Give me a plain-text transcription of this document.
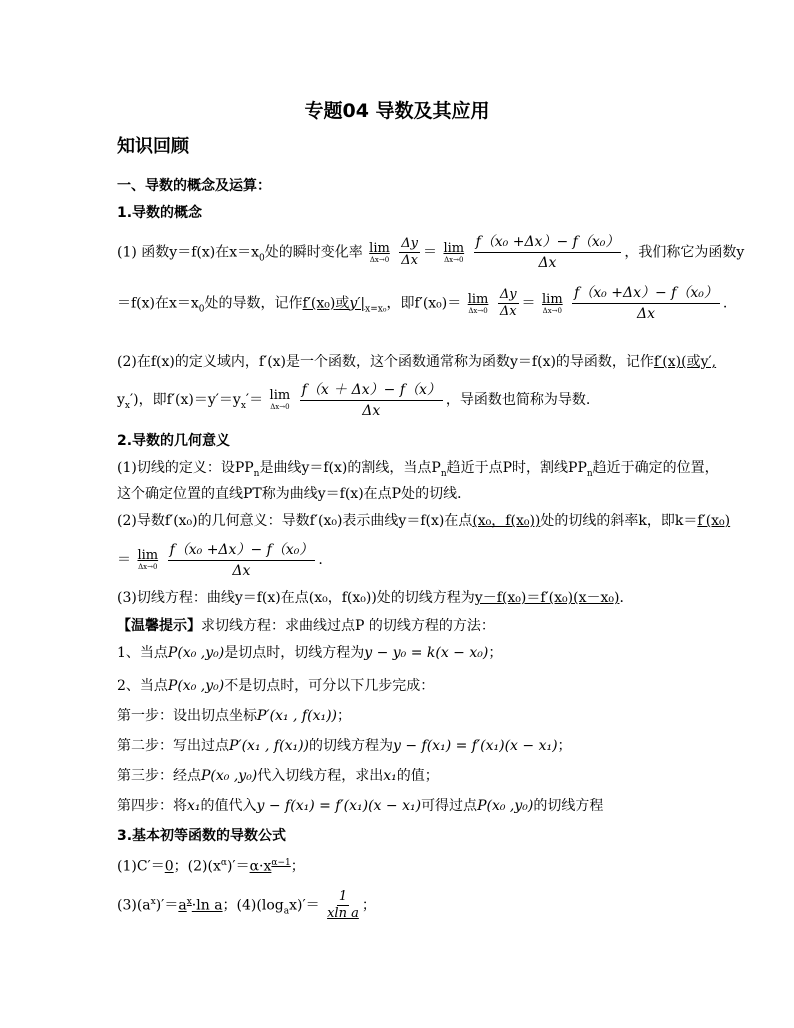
专题04 导数及其应用
知识回顾
一、导数的概念及运算：
1.导数的概念
(1) 函数y＝f(x)在$x=x_0$处的瞬时变化率 lim
Δx→0
$\frac{\Delta y}{\Delta x} = \lim$
Δx→0
$\frac{\text{f（x₀ +Δx）− f（x₀）}}{\Delta x}$ ，我们称它为函数y
＝f(x)在$x=x_0$处的导数，记作f′(x₀)或$y'|_{x=x_0}$，即f′(x₀)＝ lim
Δx→0
$\frac{\Delta y}{\Delta x} = \lim$
Δx→0
$\frac{\text{f（x₀ +Δx）− f（x₀）}}{\Delta x}$ .
(2)在f(x)的定义域内，f′(x)是一个函数，这个函数通常称为函数y＝f(x)的导函数，记作f′(x)(或y′,
$y_x'$)，即$f'(x)=y'=y_x'= \lim$
Δx→0
$\frac{f(x + \Delta x)- f(x)}{\Delta x}$ ，导函数也简称为导数.
2.导数的几何意义
(1)切线的定义：设$PP_n$是曲线y＝f(x)的割线，当点$P_n$趋近于点P时，割线$PP_n$趋近于确定的位置，
这个确定位置的直线PT称为曲线y＝f(x)在点P处的切线．
(2)导数f′(x₀)的几何意义：导数f′(x₀)表示曲线y＝f(x)在点(x₀，f(x₀))处的切线的斜率k，即k＝f′(x₀)
＝ lim
Δx→0
$\frac{\text{f（x₀ +Δx）− f（x₀）}}{\Delta x}$ .
(3)切线方程：曲线y＝f(x)在点(x₀，f(x₀))处的切线方程为y－f(x₀)＝f′(x₀)(x－x₀)．
【温馨提示】求切线方程：求曲线过点P 的切线方程的方法：
1、当点P(x₀ ,y₀)是切点时，切线方程为y − y₀ = k(x − x₀)；
2、当点P(x₀ ,y₀)不是切点时，可分以下几步完成：
第一步：设出切点坐标P′(x₁ , f(x₁))；
第二步：写出过点P′(x₁ , f(x₁))的切线方程为y − f(x₁) = f′(x₁)(x − x₁)；
第三步：经点P(x₀ ,y₀)代入切线方程，求出x₁的值；
第四步：将x₁的值代入y − f(x₁) = f′(x₁)(x − x₁)可得过点P(x₀ ,y₀)的切线方程
3.基本初等函数的导数公式
(1)C′＝0；$(2)(x^\alpha)'=\alpha\cdot x^{\alpha-1}$；
$(3)(a^x)'=a^x\cdot\ln$ a；$(4)(\log_ax)'= \frac{1}{\text{xln a}}$ ；
